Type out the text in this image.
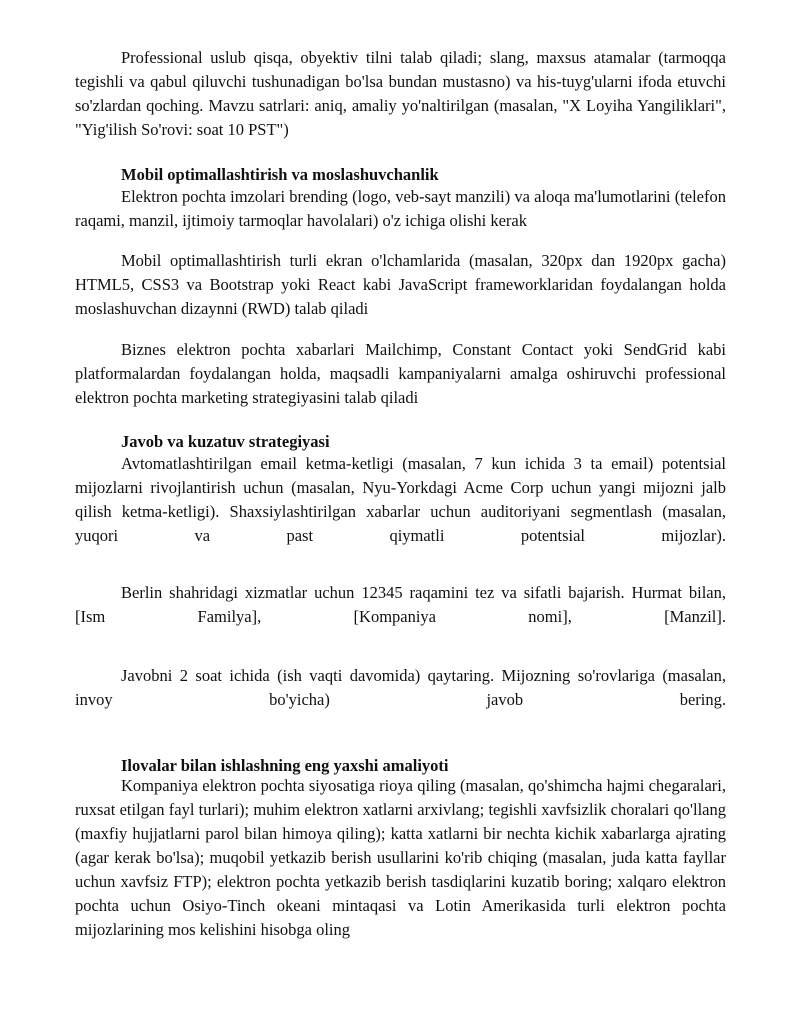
Professional uslub qisqa, obyektiv tilni talab qiladi; slang, maxsus atamalar (tarmoqqa tegishli va qabul qiluvchi tushunadigan bo'lsa bundan mustasno) va his-tuyg'ularni ifoda etuvchi so'zlardan qoching. Mavzu satrlari: aniq, amaliy yo'naltirilgan (masalan, "X Loyiha Yangiliklari", "Yig'ilish So'rovi: soat 10 PST")
Mobil optimallashtirish va moslashuvchanlik
Elektron pochta imzolari brending (logo, veb-sayt manzili) va aloqa ma'lumotlarini (telefon raqami, manzil, ijtimoiy tarmoqlar havolalari) o'z ichiga olishi kerak
Mobil optimallashtirish turli ekran o'lchamlarida (masalan, 320px dan 1920px gacha) HTML5, CSS3 va Bootstrap yoki React kabi JavaScript frameworklaridan foydalangan holda moslashuvchan dizaynni (RWD) talab qiladi
Biznes elektron pochta xabarlari Mailchimp, Constant Contact yoki SendGrid kabi platformalardan foydalangan holda, maqsadli kampaniyalarni amalga oshiruvchi professional elektron pochta marketing strategiyasini talab qiladi
Javob va kuzatuv strategiyasi
Avtomatlashtirilgan email ketma-ketligi (masalan, 7 kun ichida 3 ta email) potentsial mijozlarni rivojlantirish uchun (masalan, Nyu-Yorkdagi Acme Corp uchun yangi mijozni jalb qilish ketma-ketligi). Shaxsiylashtirilgan xabarlar uchun auditoriyani segmentlash (masalan, yuqori va past qiymatli potentsial mijozlar).
Berlin shahridagi xizmatlar uchun 12345 raqamini tez va sifatli bajarish. Hurmat bilan, [Ism Familya], [Kompaniya nomi], [Manzil].
Javobni 2 soat ichida (ish vaqti davomida) qaytaring. Mijozning so'rovlariga (masalan, invoy bo'yicha) javob bering.
Ilovalar bilan ishlashning eng yaxshi amaliyoti
Kompaniya elektron pochta siyosatiga rioya qiling (masalan, qo'shimcha hajmi chegaralari, ruxsat etilgan fayl turlari); muhim elektron xatlarni arxivlang; tegishli xavfsizlik choralari qo'llang (maxfiy hujjatlarni parol bilan himoya qiling); katta xatlarni bir nechta kichik xabarlarga ajrating (agar kerak bo'lsa); muqobil yetkazib berish usullarini ko'rib chiqing (masalan, juda katta fayllar uchun xavfsiz FTP); elektron pochta yetkazib berish tasdiqlarini kuzatib boring; xalqaro elektron pochta uchun Osiyo-Tinch okeani mintaqasi va Lotin Amerikasida turli elektron pochta mijozlarining mos kelishini hisobga oling
